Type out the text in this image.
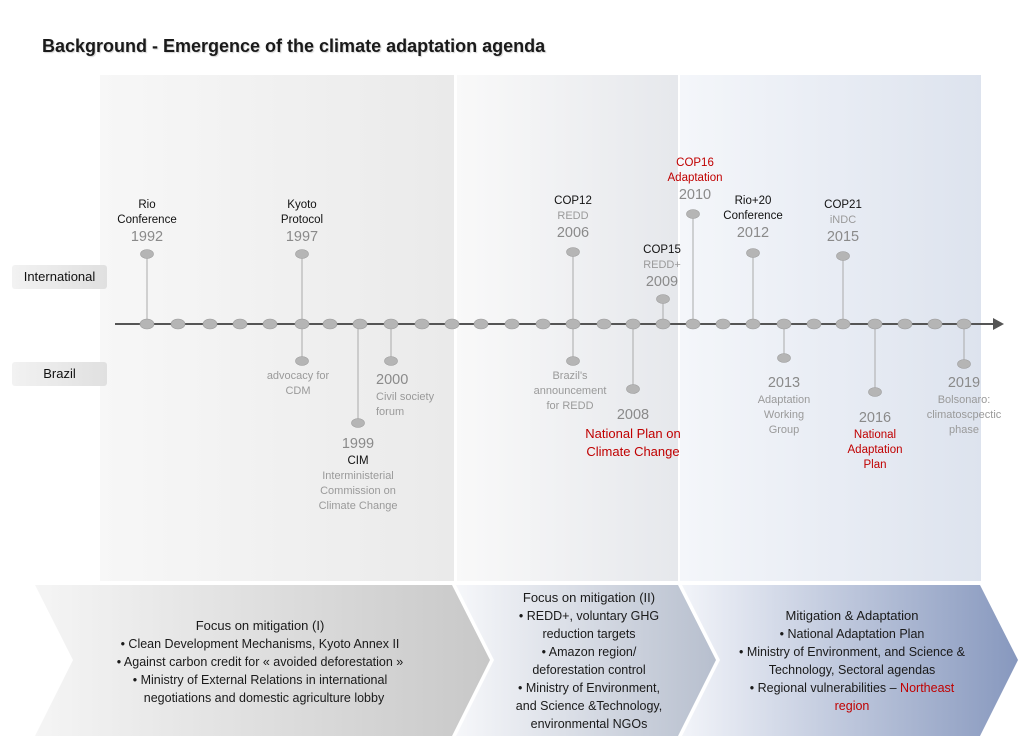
Background - Emergence of the climate adaptation agenda
International
Brazil
Rio
Conference
1992
Kyoto
Protocol
1997
COP12
REDD
2006
COP15
REDD+
2009
COP16
Adaptation
2010	Rio+20
Conference
2012
COP21
iNDC
2015
advocacy for
CDM
2000
Civil society
forum
1999
CIM
Interministerial
Commission on
Climate Change
Brazil's
announcement
for REDD
2008
National Plan on
Climate Change
2013
Adaptation
Working
Group
2016
National
Adaptation
Plan
2019
Bolsonaro:
climatoscpectic
phase
Focus on mitigation (I)
• Clean Development Mechanisms, Kyoto Annex II
• Against carbon credit for « avoided deforestation »
• Ministry of External Relations in international
negotiations and domestic agriculture lobby
Focus on mitigation (II)
• REDD+, voluntary GHG
reduction targets
• Amazon region/
deforestation control
• Ministry of Environment,
and Science &Technology,
environmental NGOs
Mitigation & Adaptation
• National Adaptation Plan
• Ministry of Environment, and Science &
Technology, Sectoral agendas
• Regional vulnerabilities – Northeast
region
